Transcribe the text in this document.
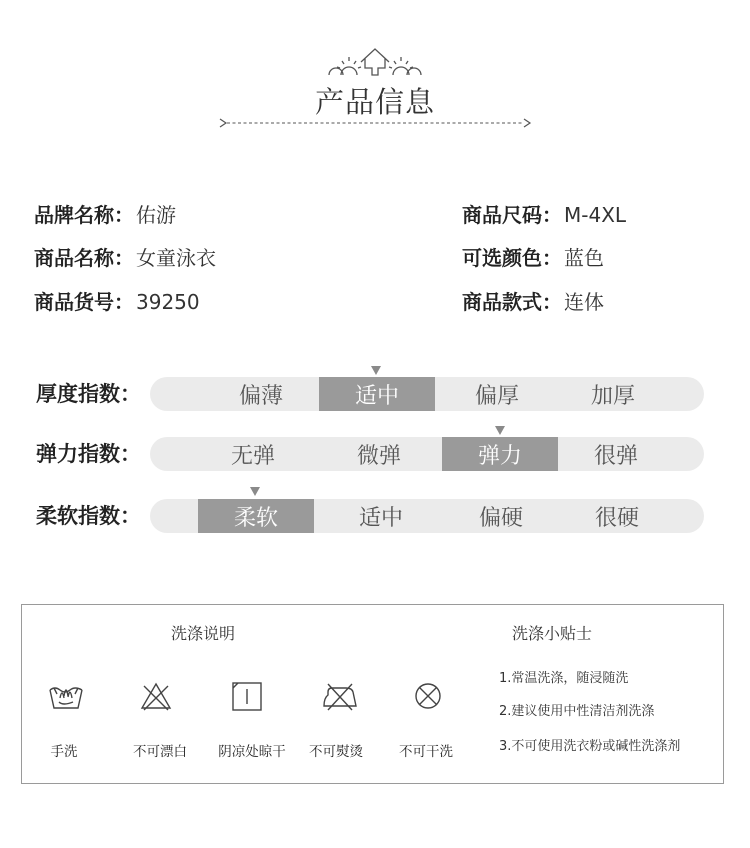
产品信息
品牌名称： 佑游
商品名称： 女童泳衣
商品货号： 39250
商品尺码： M-4XL
可选颜色： 蓝色
商品款式： 连体
厚度指数：	偏薄	适中	偏厚	加厚
弹力指数：	无弹	微弹	弹力	很弹
柔软指数：	柔软	适中	偏硬	很硬
洗涤说明	洗涤小贴士
手洗	不可漂白	阴凉处晾干	不可熨烫	不可干洗
1.常温洗涤，随浸随洗
2.建议使用中性清洁剂洗涤
3.不可使用洗衣粉或碱性洗涤剂
